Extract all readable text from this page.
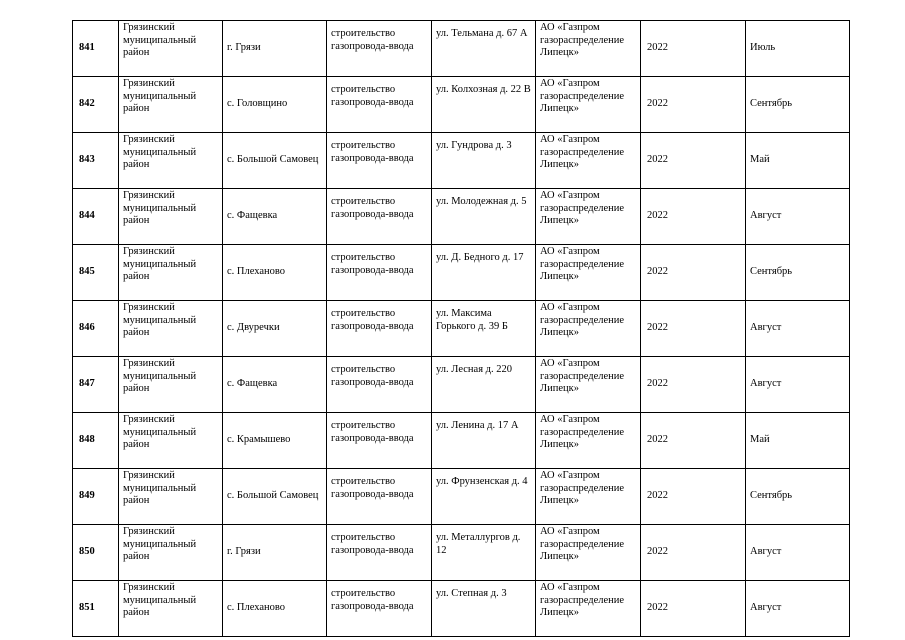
841	Грязинский муниципальный район	г. Грязи	строительство газопровода-ввода	ул. Тельмана д. 67 А	АО «Газпром газораспределение Липецк»	2022	Июль
842	Грязинский муниципальный район	с. Головщино	строительство газопровода-ввода	ул. Колхозная д. 22 В	АО «Газпром газораспределение Липецк»	2022	Сентябрь
843	Грязинский муниципальный район	с. Большой Самовец	строительство газопровода-ввода	ул. Гундрова д. 3	АО «Газпром газораспределение Липецк»	2022	Май
844	Грязинский муниципальный район	с. Фащевка	строительство газопровода-ввода	ул. Молодежная д. 5	АО «Газпром газораспределение Липецк»	2022	Август
845	Грязинский муниципальный район	с. Плеханово	строительство газопровода-ввода	ул. Д. Бедного д. 17	АО «Газпром газораспределение Липецк»	2022	Сентябрь
846	Грязинский муниципальный район	с. Двуречки	строительство газопровода-ввода	ул. Максима Горького д. 39 Б	АО «Газпром газораспределение Липецк»	2022	Август
847	Грязинский муниципальный район	с. Фащевка	строительство газопровода-ввода	ул. Лесная д. 220	АО «Газпром газораспределение Липецк»	2022	Август
848	Грязинский муниципальный район	с. Крамышево	строительство газопровода-ввода	ул. Ленина д. 17 А	АО «Газпром газораспределение Липецк»	2022	Май
849	Грязинский муниципальный район	с. Большой Самовец	строительство газопровода-ввода	ул. Фрунзенская д. 4	АО «Газпром газораспределение Липецк»	2022	Сентябрь
850	Грязинский муниципальный район	г. Грязи	строительство газопровода-ввода	ул. Металлургов д. 12	АО «Газпром газораспределение Липецк»	2022	Август
851	Грязинский муниципальный район	с. Плеханово	строительство газопровода-ввода	ул. Степная д. 3	АО «Газпром газораспределение Липецк»	2022	Август
